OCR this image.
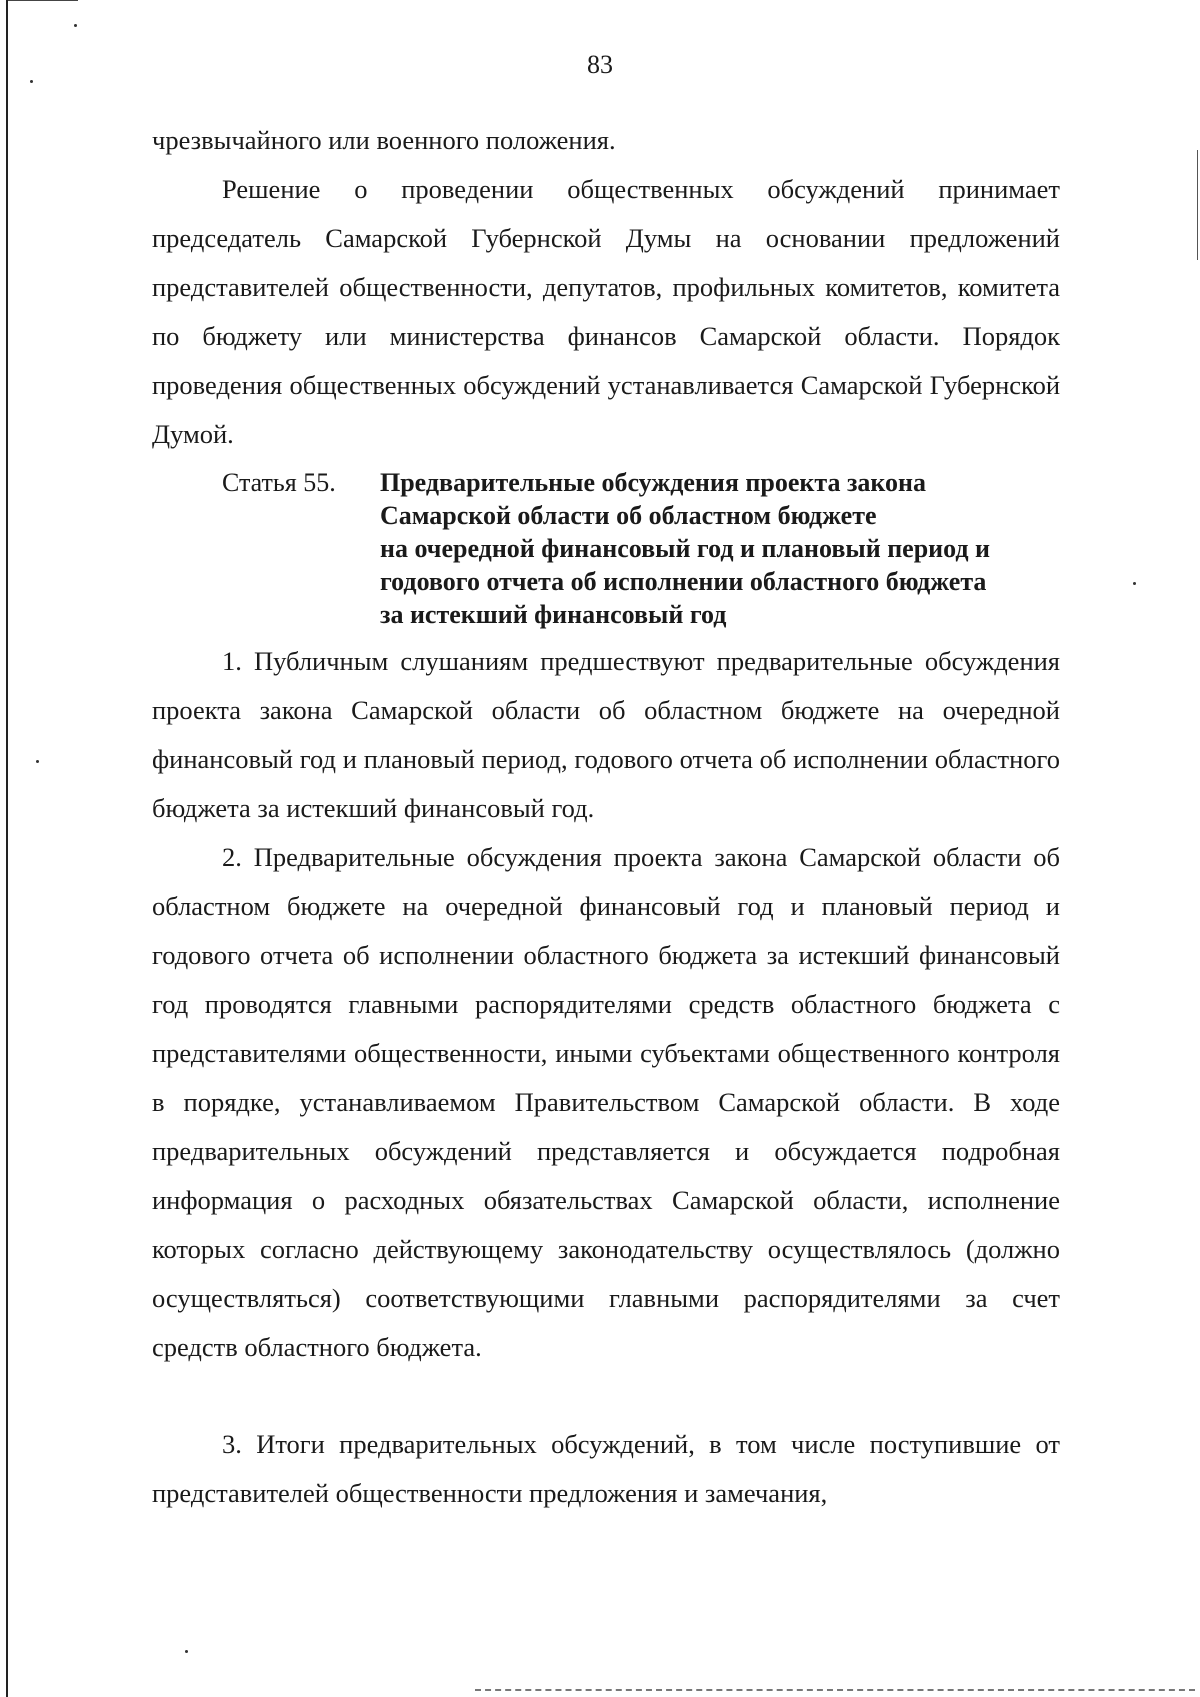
83

чрезвычайного или военного положения.

Решение о проведении общественных обсуждений принимает председатель Самарской Губернской Думы на основании предложений представителей общественности, депутатов, профильных комитетов, комитета по бюджету или министерства финансов Самарской области. Порядок проведения общественных обсуждений устанавливается Самарской Губернской Думой.

Статья 55. Предварительные обсуждения проекта закона
Самарской области об областном бюджете
на очередной финансовый год и плановый период и
годового отчета об исполнении областного бюджета
за истекший финансовый год

1. Публичным слушаниям предшествуют предварительные обсуждения проекта закона Самарской области об областном бюджете на очередной финансовый год и плановый период, годового отчета об исполнении областного бюджета за истекший финансовый год.

2. Предварительные обсуждения проекта закона Самарской области об областном бюджете на очередной финансовый год и плановый период и годового отчета об исполнении областного бюджета за истекший финансовый год проводятся главными распорядителями средств областного бюджета с представителями общественности, иными субъектами общественного контроля в порядке, устанавливаемом Правительством Самарской области. В ходе предварительных обсуждений представляется и обсуждается подробная информация о расходных обязательствах Самарской области, исполнение которых согласно действующему законодательству осуществлялось (должно осуществляться) соответствующими главными распорядителями за счет средств областного бюджета.

3. Итоги предварительных обсуждений, в том числе поступившие от представителей общественности предложения и замечания,
